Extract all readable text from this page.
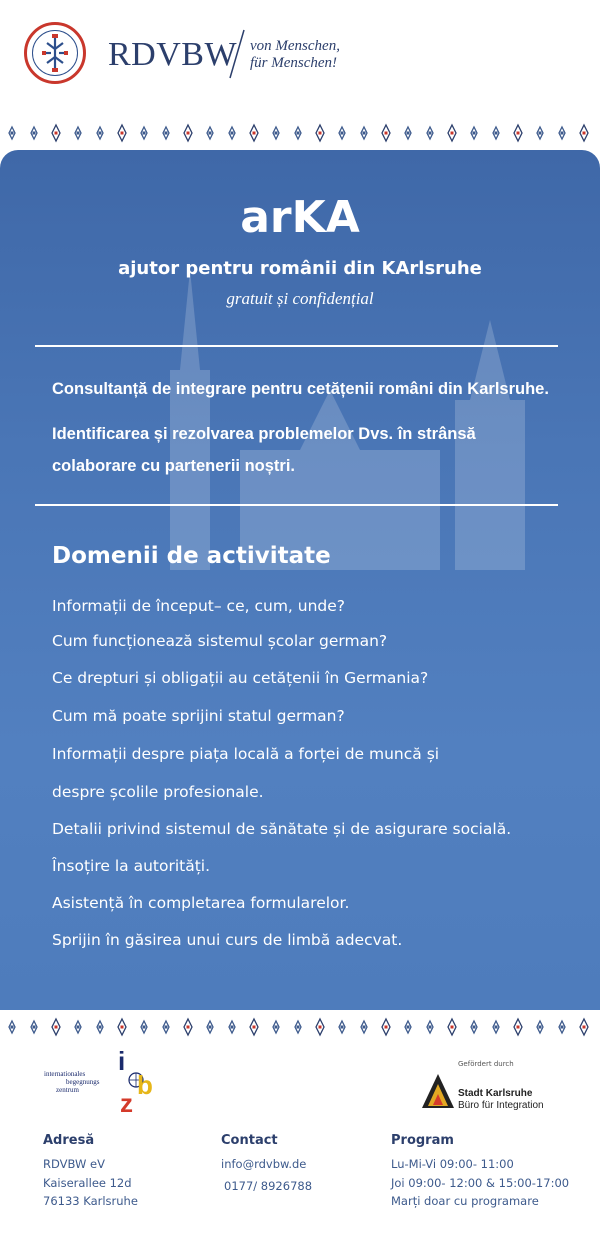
RDVBW von Menschen,
für Menschen!
arKA
ajutor pentru românii din KArlsruhe
gratuit și confidențial
Consultanță de integrare pentru cetățenii români din Karlsruhe.
Identificarea și rezolvarea problemelor Dvs. în strânsă
colaborare cu partenerii noștri.
Domenii de activitate
Informații de început– ce, cum, unde?
Cum funcționează sistemul școlar german?
Ce drepturi și obligații au cetățenii în Germania?
Cum mă poate sprijini statul german?
Informații despre piața locală a forței de muncă și
despre școlile profesionale.
Detalii privind sistemul de sănătate și de asigurare socială.
Însoțire la autorități.
Asistență în completarea formularelor.
Sprijin în găsirea unui curs de limbă adecvat.
internationales
begegnungs
zentrum
i
b
z
Gefördert durch
Stadt Karlsruhe
Büro für Integration
Adresă
RDVBW eV
Kaiserallee 12d
76133 Karlsruhe
Contact
info@rdvbw.de
0177/ 8926788
Program
Lu-Mi-Vi 09:00- 11:00
Joi 09:00- 12:00 & 15:00-17:00
Marți doar cu programare
